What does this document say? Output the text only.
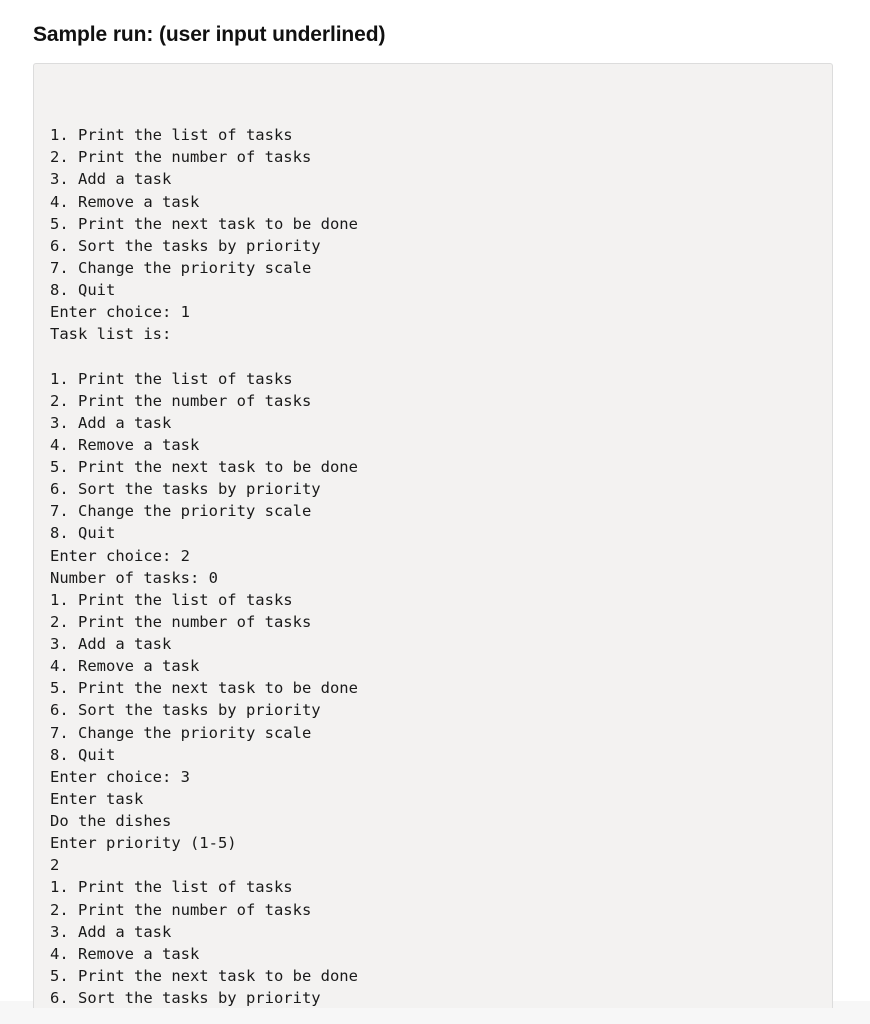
Sample run: (user input underlined)
1. Print the list of tasks
2. Print the number of tasks
3. Add a task
4. Remove a task
5. Print the next task to be done
6. Sort the tasks by priority
7. Change the priority scale
8. Quit
Enter choice: 1
Task list is:
1. Print the list of tasks
2. Print the number of tasks
3. Add a task
4. Remove a task
5. Print the next task to be done
6. Sort the tasks by priority
7. Change the priority scale
8. Quit
Enter choice: 2
Number of tasks: 0
1. Print the list of tasks
2. Print the number of tasks
3. Add a task
4. Remove a task
5. Print the next task to be done
6. Sort the tasks by priority
7. Change the priority scale
8. Quit
Enter choice: 3
Enter task
Do the dishes
Enter priority (1-5)
2
1. Print the list of tasks
2. Print the number of tasks
3. Add a task
4. Remove a task
5. Print the next task to be done
6. Sort the tasks by priority
